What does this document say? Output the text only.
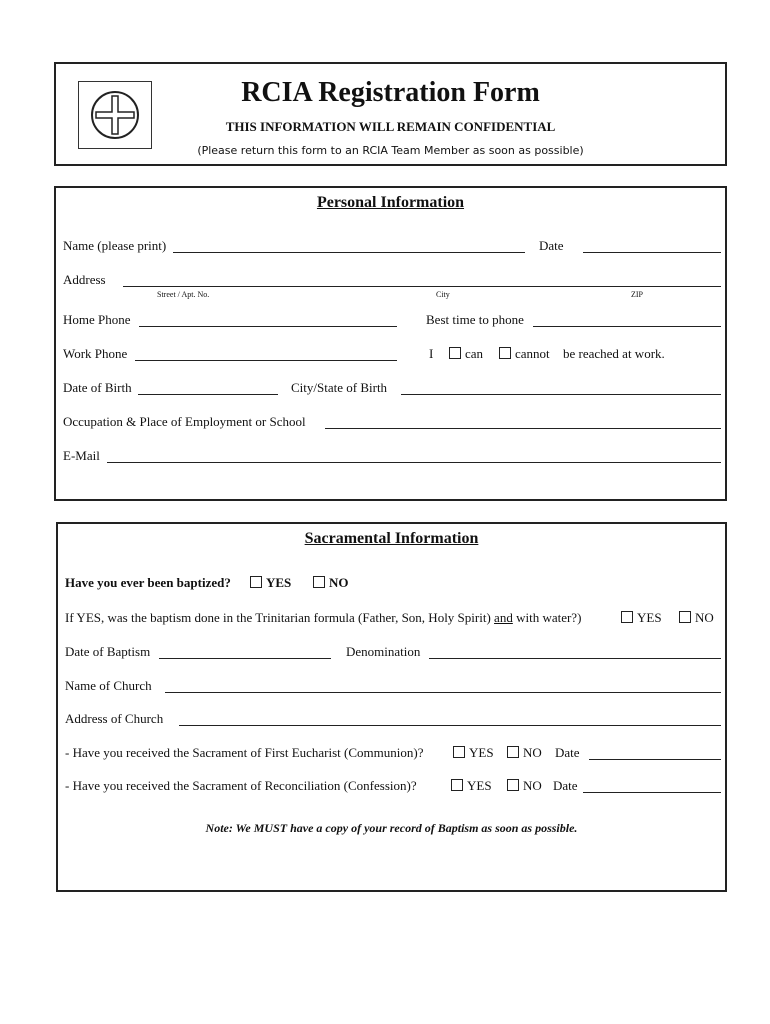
RCIA Registration Form
THIS INFORMATION WILL REMAIN CONFIDENTIAL
(Please return this form to an RCIA Team Member as soon as possible)
Personal Information
Name (please print)	Date
Address
Street / Apt. No.	City	ZIP
Home Phone	Best time to phone
Work Phone	I	can	cannot be reached at work.
Date of Birth	City/State of Birth
Occupation & Place of Employment or School
E-Mail
Sacramental Information
Have you ever been baptized?	YES	NO
If YES, was the baptism done in the Trinitarian formula (Father, Son, Holy Spirit) and with water?)	YES	NO
Date of Baptism	Denomination
Name of Church
Address of Church
- Have you received the Sacrament of First Eucharist (Communion)?	YES	NO Date
- Have you received the Sacrament of Reconciliation (Confession)?	YES	NO Date
Note: We MUST have a copy of your record of Baptism as soon as possible.
